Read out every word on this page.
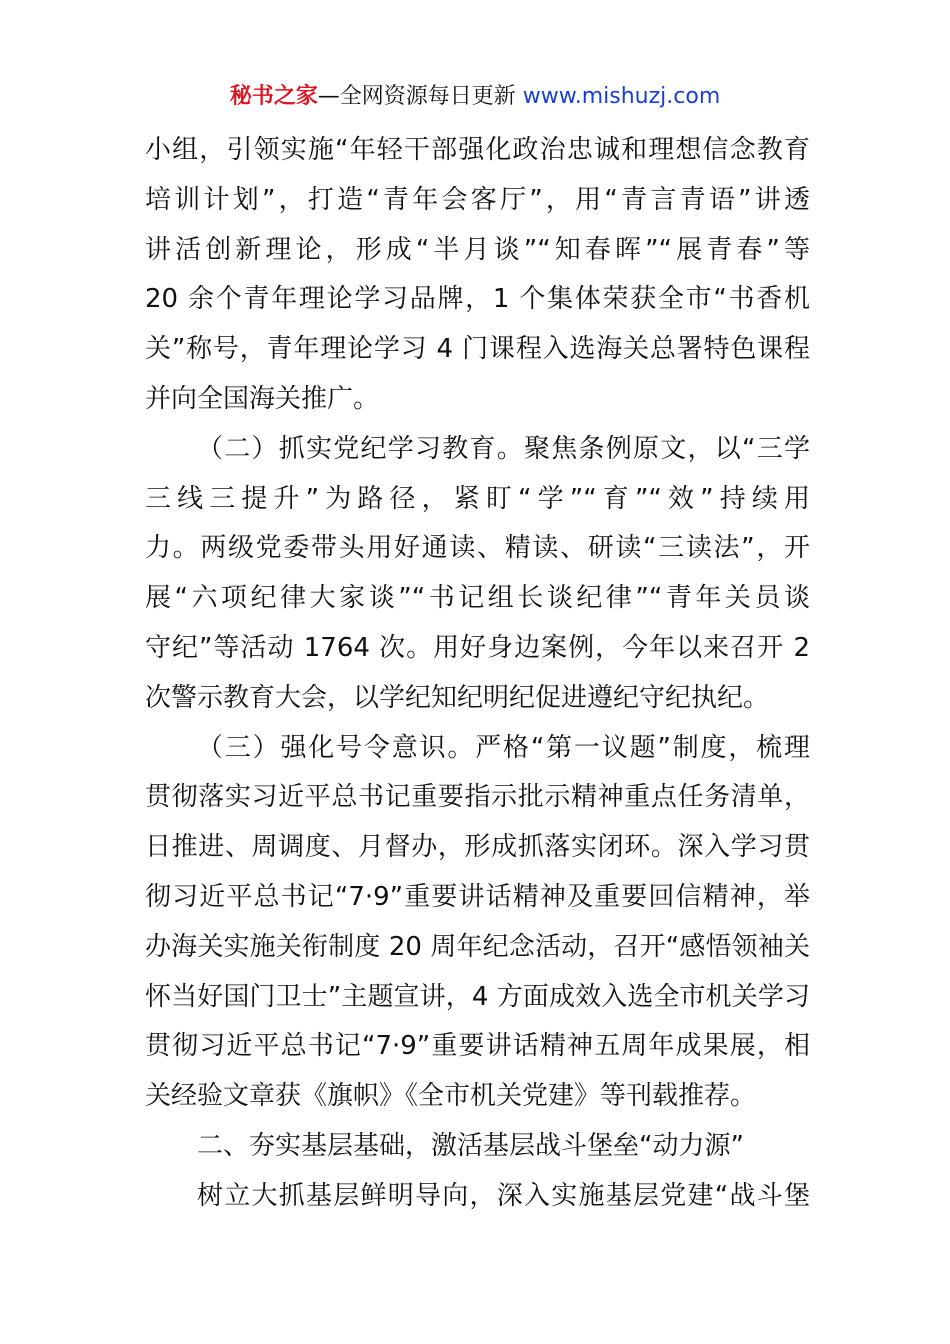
秘书之家—全网资源每日更新 www.mishuzj.com
小组，引领实施“年轻干部强化政治忠诚和理想信念教育
培训计划”，打造“青年会客厅”，用“青言青语”讲透
讲活创新理论，形成“半月谈”“知春晖”“展青春”等
20 余个青年理论学习品牌，1 个集体荣获全市“书香机
关”称号，青年理论学习 4 门课程入选海关总署特色课程
并向全国海关推广。
（二）抓实党纪学习教育。聚焦条例原文，以“三学
三线三提升”为路径，紧盯“学”“育”“效”持续用
力。两级党委带头用好通读、精读、研读“三读法”，开
展“六项纪律大家谈”“书记组长谈纪律”“青年关员谈
守纪”等活动 1764 次。用好身边案例，今年以来召开 2
次警示教育大会，以学纪知纪明纪促进遵纪守纪执纪。
（三）强化号令意识。严格“第一议题”制度，梳理
贯彻落实习近平总书记重要指示批示精神重点任务清单，
日推进、周调度、月督办，形成抓落实闭环。深入学习贯
彻习近平总书记“7·9”重要讲话精神及重要回信精神，举
办海关实施关衔制度 20 周年纪念活动，召开“感悟领袖关
怀当好国门卫士”主题宣讲，4 方面成效入选全市机关学习
贯彻习近平总书记“7·9”重要讲话精神五周年成果展，相
关经验文章获《旗帜》《全市机关党建》等刊载推荐。
二、夯实基层基础，激活基层战斗堡垒“动力源”
树立大抓基层鲜明导向，深入实施基层党建“战斗堡
